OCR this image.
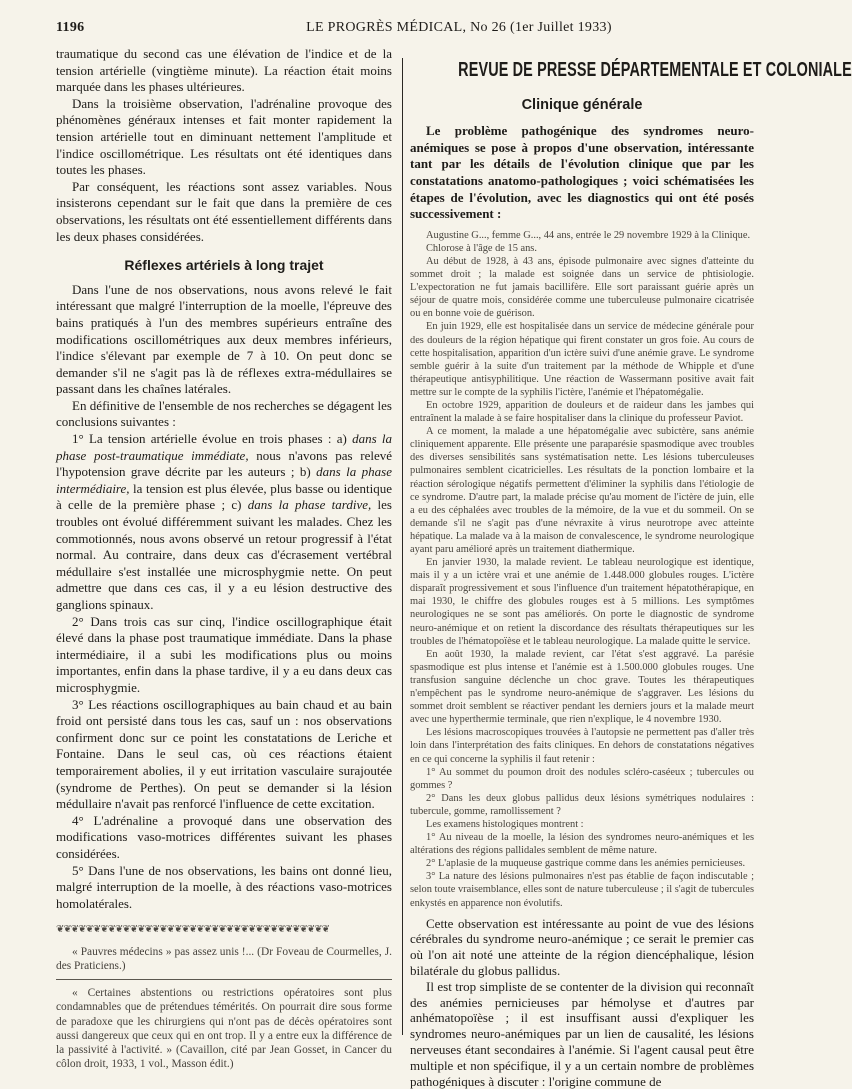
1196	LE PROGRÈS MÉDICAL, No 26 (1er Juillet 1933)

traumatique du second cas une élévation de l'indice et de la tension artérielle (vingtième minute). La réaction était moins marquée dans les phases ultérieures.

Dans la troisième observation, l'adrénaline provoque des phénomènes généraux intenses et fait monter rapidement la tension artérielle tout en diminuant nettement l'amplitude et l'indice oscillométrique. Les résultats ont été identiques dans toutes les phases.

Par conséquent, les réactions sont assez variables. Nous insisterons cependant sur le fait que dans la première de ces observations, les résultats ont été essentiellement différents dans les deux phases considérées.

Réflexes artériels à long trajet

Dans l'une de nos observations, nous avons relevé le fait intéressant que malgré l'interruption de la moelle, l'épreuve des bains pratiqués à l'un des membres supérieurs entraîne des modifications oscillométriques aux deux membres inférieurs, l'indice s'élevant par exemple de 7 à 10. On peut donc se demander s'il ne s'agit pas là de réflexes extra-médullaires se passant dans les chaînes latérales.

En définitive de l'ensemble de nos recherches se dégagent les conclusions suivantes :

1° La tension artérielle évolue en trois phases : a) dans la phase post-traumatique immédiate, nous n'avons pas relevé l'hypotension grave décrite par les auteurs ; b) dans la phase intermédiaire, la tension est plus élevée, plus basse ou identique à celle de la première phase ; c) dans la phase tardive, les troubles ont évolué différemment suivant les malades. Chez les commotionnés, nous avons observé un retour progressif à l'état normal. Au contraire, dans deux cas d'écrasement vertébral médullaire s'est installée une microsphygmie nette. On peut admettre que dans ces cas, il y a eu lésion destructive des ganglions spinaux.

2° Dans trois cas sur cinq, l'indice oscillographique était élevé dans la phase post traumatique immédiate. Dans la phase intermédiaire, il a subi les modifications plus ou moins importantes, enfin dans la phase tardive, il y a eu dans deux cas microsphygmie.

3° Les réactions oscillographiques au bain chaud et au bain froid ont persisté dans tous les cas, sauf un : nos observations confirment donc sur ce point les constatations de Leriche et Fontaine. Dans le seul cas, où ces réactions étaient temporairement abolies, il y eut irritation vasculaire surajoutée (syndrome de Perthes). On peut se demander si la lésion médullaire n'avait pas renforcé l'influence de cette excitation.

4° L'adrénaline a provoqué dans une observation des modifications vaso-motrices différentes suivant les phases considérées.

5° Dans l'une de nos observations, les bains ont donné lieu, malgré interruption de la moelle, à des réactions vaso-motrices homolatérales.

❦❦❦❦❦❦❦❦❦❦❦❦❦❦❦❦❦❦❦❦❦❦❦❦❦❦❦❦❦❦❦❦❦❦❦❦❦

« Pauvres médecins » pas assez unis !... (Dr Foveau de Courmelles, J. des Praticiens.)

« Certaines abstentions ou restrictions opératoires sont plus condamnables que de prétendues témérités. On pourrait dire sous forme de paradoxe que les chirurgiens qui n'ont pas de décès opératoires sont aussi dangereux que ceux qui en ont trop. Il y a entre eux la différence de la passivité à l'activité. » (Cavaillon, cité par Jean Gosset, in Cancer du côlon droit, 1933, 1 vol., Masson édit.)

REVUE DE PRESSE DÉPARTEMENTALE ET COLONIALE
Clinique générale

Le problème pathogénique des syndromes neuro-anémiques se pose à propos d'une observation, intéressante tant par les détails de l'évolution clinique que par les constatations anatomo-pathologiques ; voici schématisées les étapes de l'évolution, avec les diagnostics qui ont été posés successivement :

Augustine G..., femme G..., 44 ans, entrée le 29 novembre 1929 à la Clinique.

Chlorose à l'âge de 15 ans.

Au début de 1928, à 43 ans, épisode pulmonaire avec signes d'atteinte du sommet droit ; la malade est soignée dans un service de phtisiologie. L'expectoration ne fut jamais bacillifère. Elle sort paraissant guérie après un séjour de quatre mois, considérée comme une tuberculeuse pulmonaire cicatrisée ou en bonne voie de guérison.

En juin 1929, elle est hospitalisée dans un service de médecine générale pour des douleurs de la région hépatique qui firent constater un gros foie. Au cours de cette hospitalisation, apparition d'un ictère suivi d'une anémie grave. Le syndrome semble guérir à la suite d'un traitement par la méthode de Whipple et d'une thérapeutique antisyphilitique. Une réaction de Wassermann positive avait fait mettre sur le compte de la syphilis l'ictère, l'anémie et l'hépatomégalie.

En octobre 1929, apparition de douleurs et de raideur dans les jambes qui entraînent la malade à se faire hospitaliser dans la clinique du professeur Paviot.

A ce moment, la malade a une hépatomégalie avec subictère, sans anémie cliniquement apparente. Elle présente une paraparésie spasmodique avec troubles des diverses sensibilités sans systématisation nette. Les lésions tuberculeuses pulmonaires semblent cicatricielles. Les résultats de la ponction lombaire et la réaction sérologique négatifs permettent d'éliminer la syphilis dans l'étiologie de ce syndrome. D'autre part, la malade précise qu'au moment de l'ictère de juin, elle a eu des céphalées avec troubles de la mémoire, de la vue et du sommeil. On se demande s'il ne s'agit pas d'une névraxite à virus neurotrope avec atteinte hépatique. La malade va à la maison de convalescence, le syndrome neurologique ayant paru amélioré après un traitement diathermique.

En janvier 1930, la malade revient. Le tableau neurologique est identique, mais il y a un ictère vrai et une anémie de 1.448.000 globules rouges. L'ictère disparaît progressivement et sous l'influence d'un traitement hépatothérapique, en mai 1930, le chiffre des globules rouges est à 5 millions. Les symptômes neurologiques ne se sont pas améliorés. On porte le diagnostic de syndrome neuro-anémique et on retient la discordance des résultats thérapeutiques sur les troubles de l'hématopoïèse et le tableau neurologique. La malade quitte le service.

En août 1930, la malade revient, car l'état s'est aggravé. La parésie spasmodique est plus intense et l'anémie est à 1.500.000 globules rouges. Une transfusion sanguine déclenche un choc grave. Toutes les thérapeutiques n'empêchent pas le syndrome neuro-anémique de s'aggraver. Les lésions du sommet droit semblent se réactiver pendant les derniers jours et la malade meurt avec une hyperthermie terminale, que rien n'explique, le 4 novembre 1930.

Les lésions macroscopiques trouvées à l'autopsie ne permettent pas d'aller très loin dans l'interprétation des faits cliniques. En dehors de constatations négatives en ce qui concerne la syphilis il faut retenir :

1° Au sommet du poumon droit des nodules scléro-caséeux ; tubercules ou gommes ?

2° Dans les deux globus pallidus deux lésions symétriques nodulaires : tubercule, gomme, ramollissement ?

Les examens histologiques montrent :

1° Au niveau de la moelle, la lésion des syndromes neuro-anémiques et les altérations des régions pallidales semblent de même nature.

2° L'aplasie de la muqueuse gastrique comme dans les anémies pernicieuses.

3° La nature des lésions pulmonaires n'est pas établie de façon indiscutable ; selon toute vraisemblance, elles sont de nature tuberculeuse ; il s'agit de tubercules enkystés en apparence non évolutifs.

Cette observation est intéressante au point de vue des lésions cérébrales du syndrome neuro-anémique ; ce serait le premier cas où l'on ait noté une atteinte de la région diencéphalique, lésion bilatérale du globus pallidus.

Il est trop simpliste de se contenter de la division qui reconnaît des anémies pernicieuses par hémolyse et d'autres par anhématopoïèse ; il est insuffisant aussi d'expliquer les syndromes neuro-anémiques par un lien de causalité, les lésions nerveuses étant secondaires à l'anémie. Si l'agent causal peut être multiple et non spécifique, il y a un certain nombre de problèmes pathogéniques à discuter : l'origine commune de
